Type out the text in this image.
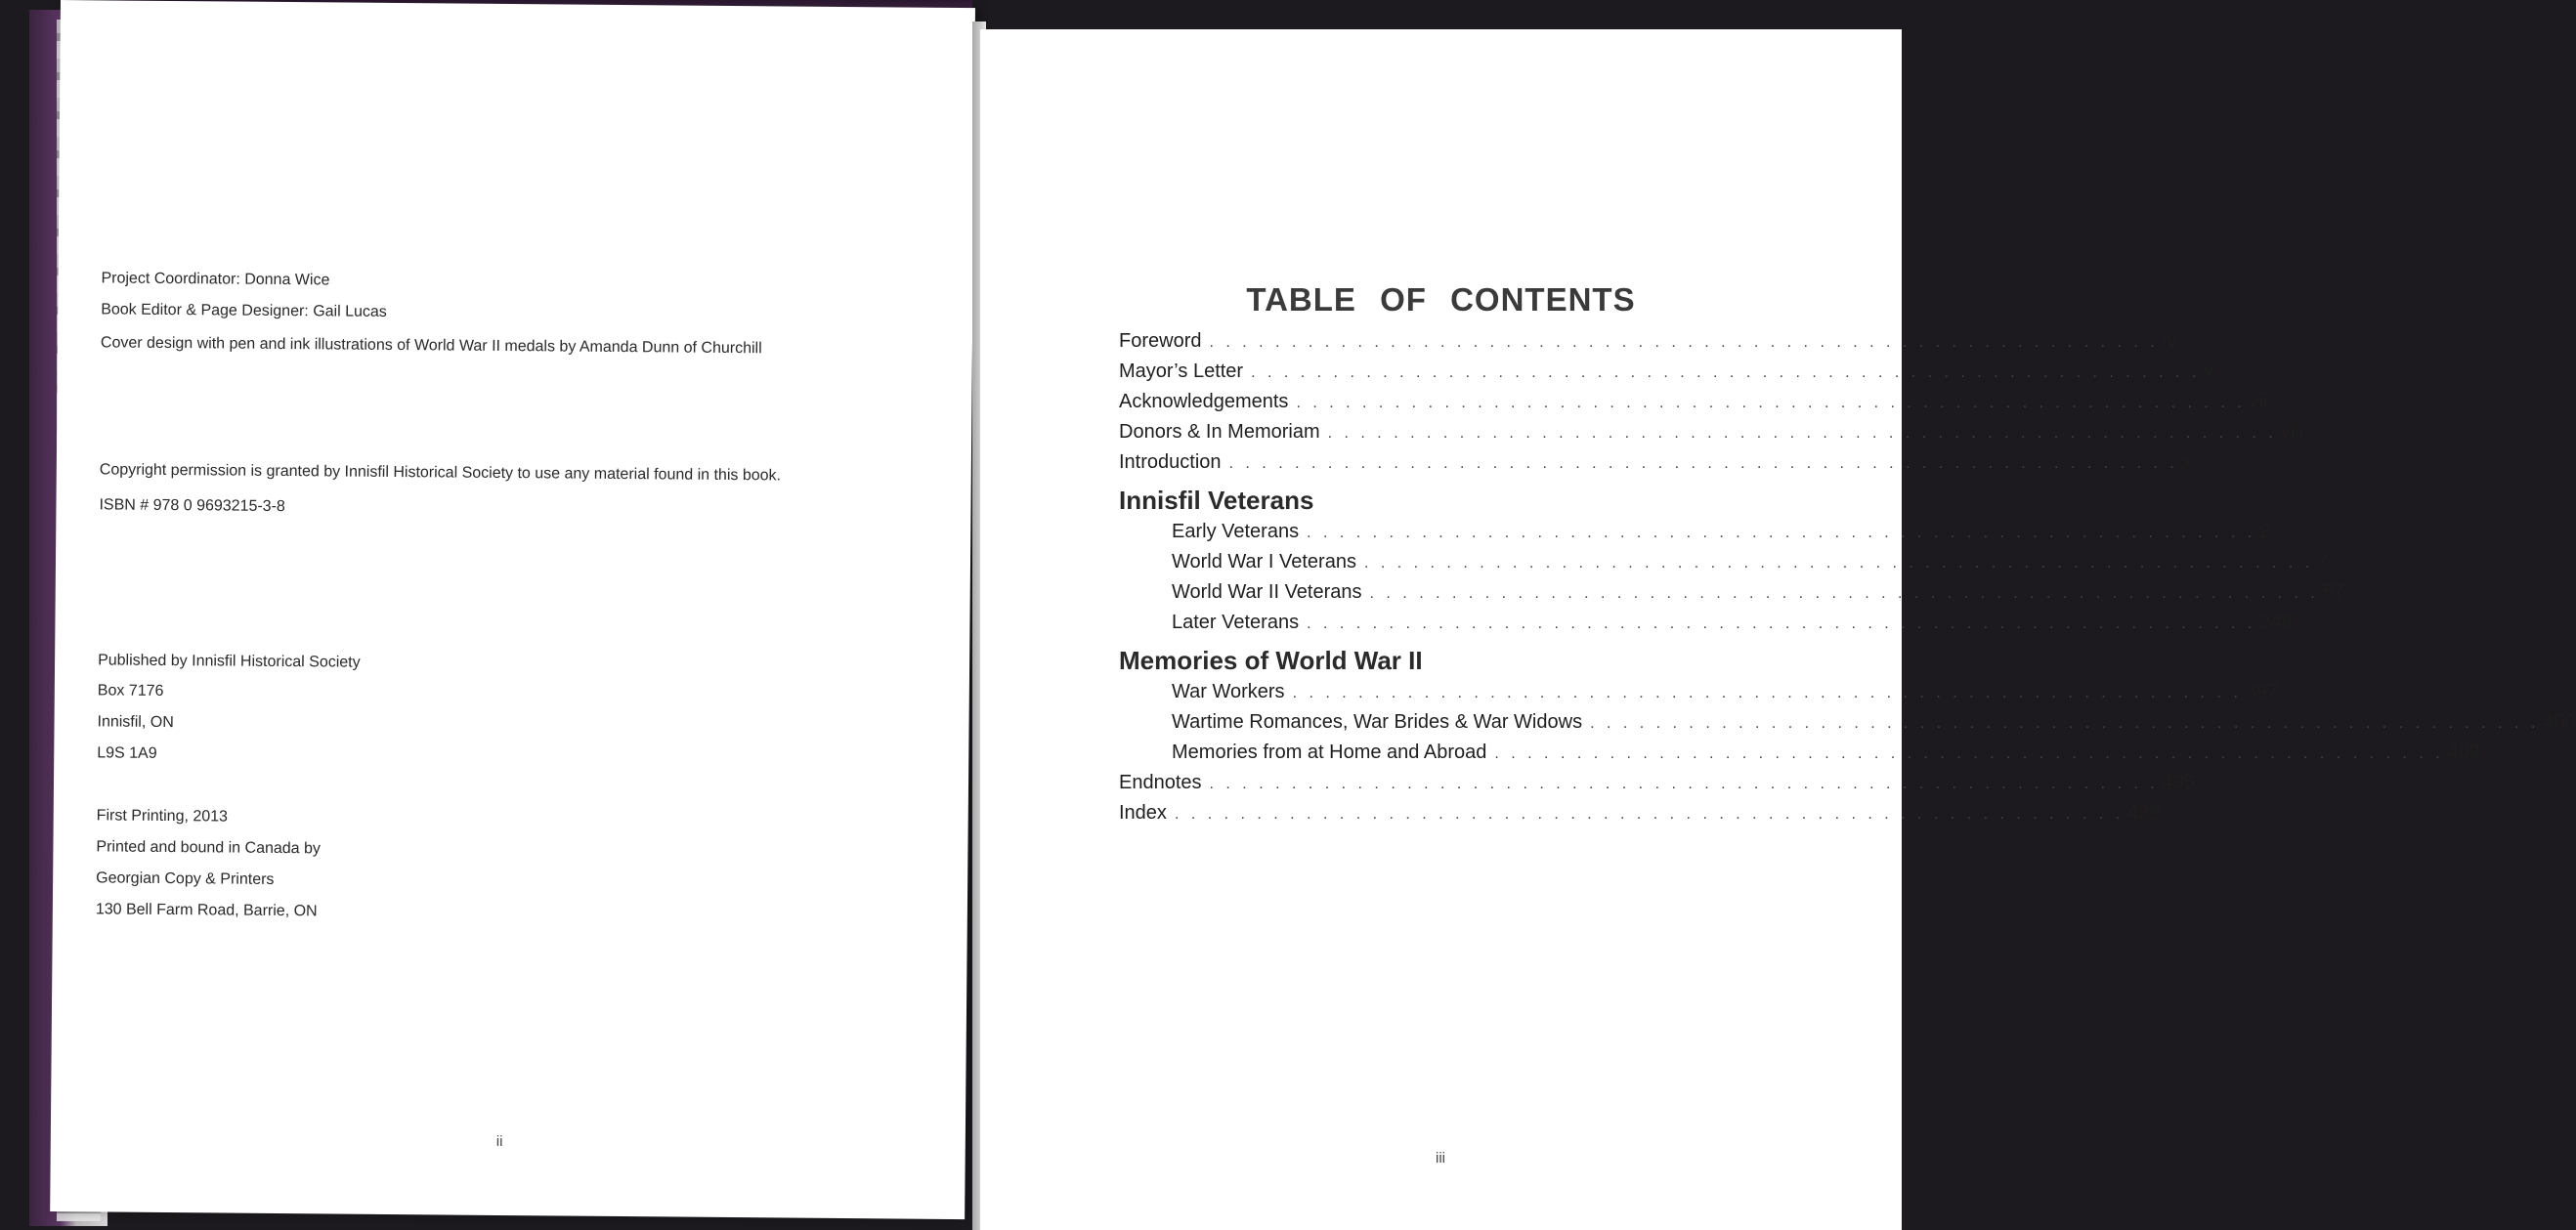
Project Coordinator: Donna Wice
Book Editor & Page Designer: Gail Lucas
Cover design with pen and ink illustrations of World War II medals by Amanda Dunn of Churchill
Copyright permission is granted by Innisfil Historical Society to use any material found in this book.
ISBN # 978 0 9693215-3-8
Published by Innisfil Historical Society
Box 7176
Innisfil, ON
L9S 1A9
First Printing, 2013
Printed and bound in Canada by
Georgian Copy & Printers
130 Bell Farm Road, Barrie, ON
ii
TABLE OF CONTENTS
Foreword . . . . . . . . . . . . . . . . . . . . . . . . . . . . . . . . . . . . . . . . . . . . . . . . . . . . . . . . . . iv
Mayor’s Letter . . . . . . . . . . . . . . . . . . . . . . . . . . . . . . . . . . . . . . . . . . . . . . . . . . . . . . . . . . v
Acknowledgements . . . . . . . . . . . . . . . . . . . . . . . . . . . . . . . . . . . . . . . . . . . . . . . . . . . . . . . . . . vii
Donors & In Memoriam . . . . . . . . . . . . . . . . . . . . . . . . . . . . . . . . . . . . . . . . . . . . . . . . . . . . . . . . . . viii
Introduction . . . . . . . . . . . . . . . . . . . . . . . . . . . . . . . . . . . . . . . . . . . . . . . . . . . . . . . . . . x
Innisfil Veterans
Early Veterans . . . . . . . . . . . . . . . . . . . . . . . . . . . . . . . . . . . . . . . . . . . . . . . . . . . . . . . . . . 2
World War I Veterans . . . . . . . . . . . . . . . . . . . . . . . . . . . . . . . . . . . . . . . . . . . . . . . . . . . . . . . . . . 7
World War II Veterans . . . . . . . . . . . . . . . . . . . . . . . . . . . . . . . . . . . . . . . . . . . . . . . . . . . . . . . . . . 57
Later Veterans . . . . . . . . . . . . . . . . . . . . . . . . . . . . . . . . . . . . . . . . . . . . . . . . . . . . . . . . . . 249
Memories of World War II
War Workers . . . . . . . . . . . . . . . . . . . . . . . . . . . . . . . . . . . . . . . . . . . . . . . . . . . . . . . . . . 397
Wartime Romances, War Brides & War Widows . . . . . . . . . . . . . . . . . . . . . . . . . . . . . . . . . . . . . . . . . . . . . . . . . . . . . . . . . . 400
Memories from at Home and Abroad . . . . . . . . . . . . . . . . . . . . . . . . . . . . . . . . . . . . . . . . . . . . . . . . . . . . . . . . . . 409
Endnotes . . . . . . . . . . . . . . . . . . . . . . . . . . . . . . . . . . . . . . . . . . . . . . . . . . . . . . . . . . 435
Index . . . . . . . . . . . . . . . . . . . . . . . . . . . . . . . . . . . . . . . . . . . . . . . . . . . . . . . . . . 439
iii
